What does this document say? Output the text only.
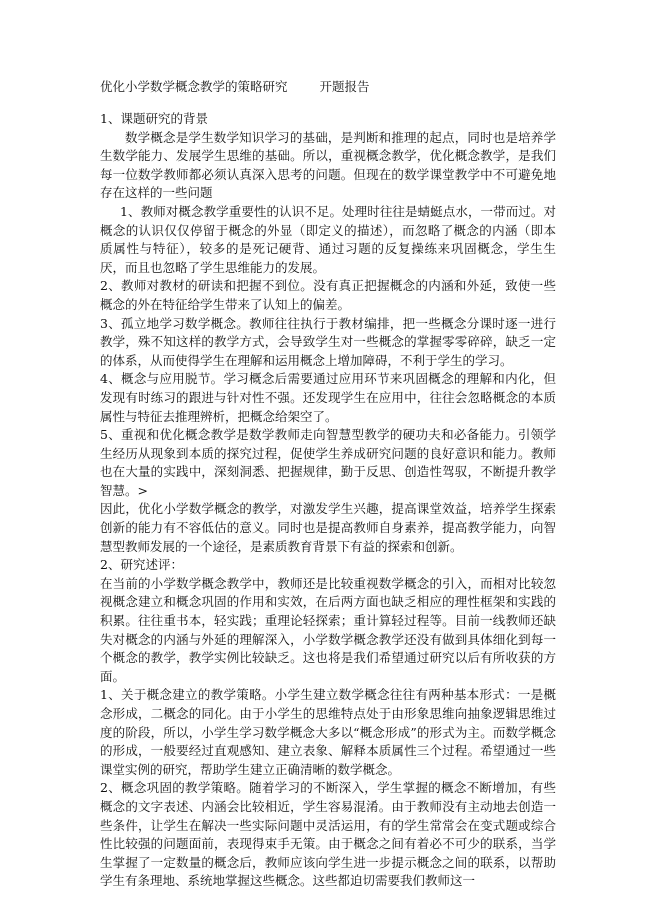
优化小学数学概念教学的策略研究	开题报告

1、课题研究的背景

数学概念是学生数学知识学习的基础，是判断和推理的起点，同时也是培养学生数学能力、发展学生思维的基础。所以，重视概念教学，优化概念教学，是我们每一位数学教师都必须认真深入思考的问题。但现在的数学课堂教学中不可避免地存在这样的一些问题

1、教师对概念教学重要性的认识不足。处理时往往是蜻蜓点水，一带而过。对概念的认识仅仅停留于概念的外显（即定义的描述），而忽略了概念的内涵（即本质属性与特征），较多的是死记硬背、通过习题的反复操练来巩固概念，学生生厌，而且也忽略了学生思维能力的发展。

2、教师对教材的研读和把握不到位。没有真正把握概念的内涵和外延，致使一些概念的外在特征给学生带来了认知上的偏差。

3、孤立地学习数学概念。教师往往执行于教材编排，把一些概念分课时逐一进行教学，殊不知这样的教学方式，会导致学生对一些概念的掌握零零碎碎，缺乏一定的体系，从而使得学生在理解和运用概念上增加障碍，不利于学生的学习。

4、概念与应用脱节。学习概念后需要通过应用环节来巩固概念的理解和内化，但发现有时练习的跟进与针对性不强。还发现学生在应用中，往往会忽略概念的本质属性与特征去推理辨析，把概念给架空了。

5、重视和优化概念教学是数学教师走向智慧型教学的硬功夫和必备能力。引领学生经历从现象到本质的探究过程，促使学生养成研究问题的良好意识和能力。教师也在大量的实践中，深刻洞悉、把握规律，勤于反思、创造性驾驭，不断提升教学智慧。>

因此，优化小学数学概念的教学，对激发学生兴趣，提高课堂效益，培养学生探索创新的能力有不容低估的意义。同时也是提高教师自身素养，提高教学能力，向智慧型教师发展的一个途径，是素质教育背景下有益的探索和创新。

2、研究述评：

在当前的小学数学概念教学中，教师还是比较重视数学概念的引入，而相对比较忽视概念建立和概念巩固的作用和实效，在后两方面也缺乏相应的理性框架和实践的积累。往往重书本，轻实践；重理论轻探索；重计算轻过程等。目前一线教师还缺失对概念的内涵与外延的理解深入，小学数学概念教学还没有做到具体细化到每一个概念的教学，教学实例比较缺乏。这也将是我们希望通过研究以后有所收获的方面。

1、关于概念建立的教学策略。小学生建立数学概念往往有两种基本形式：一是概念形成，二概念的同化。由于小学生的思维特点处于由形象思维向抽象逻辑思维过度的阶段，所以，小学生学习数学概念大多以“概念形成”的形式为主。而数学概念的形成，一般要经过直观感知、建立表象、解释本质属性三个过程。希望通过一些课堂实例的研究，帮助学生建立正确清晰的数学概念。

2、概念巩固的教学策略。随着学习的不断深入，学生掌握的概念不断增加，有些概念的文字表述、内涵会比较相近，学生容易混淆。由于教师没有主动地去创造一些条件，让学生在解决一些实际问题中灵活运用，有的学生常常会在变式题或综合性比较强的问题面前，表现得束手无策。由于概念之间有着必不可少的联系，当学生掌握了一定数量的概念后，教师应该向学生进一步提示概念之间的联系，以帮助学生有条理地、系统地掌握这些概念。这些都迫切需要我们教师这一
